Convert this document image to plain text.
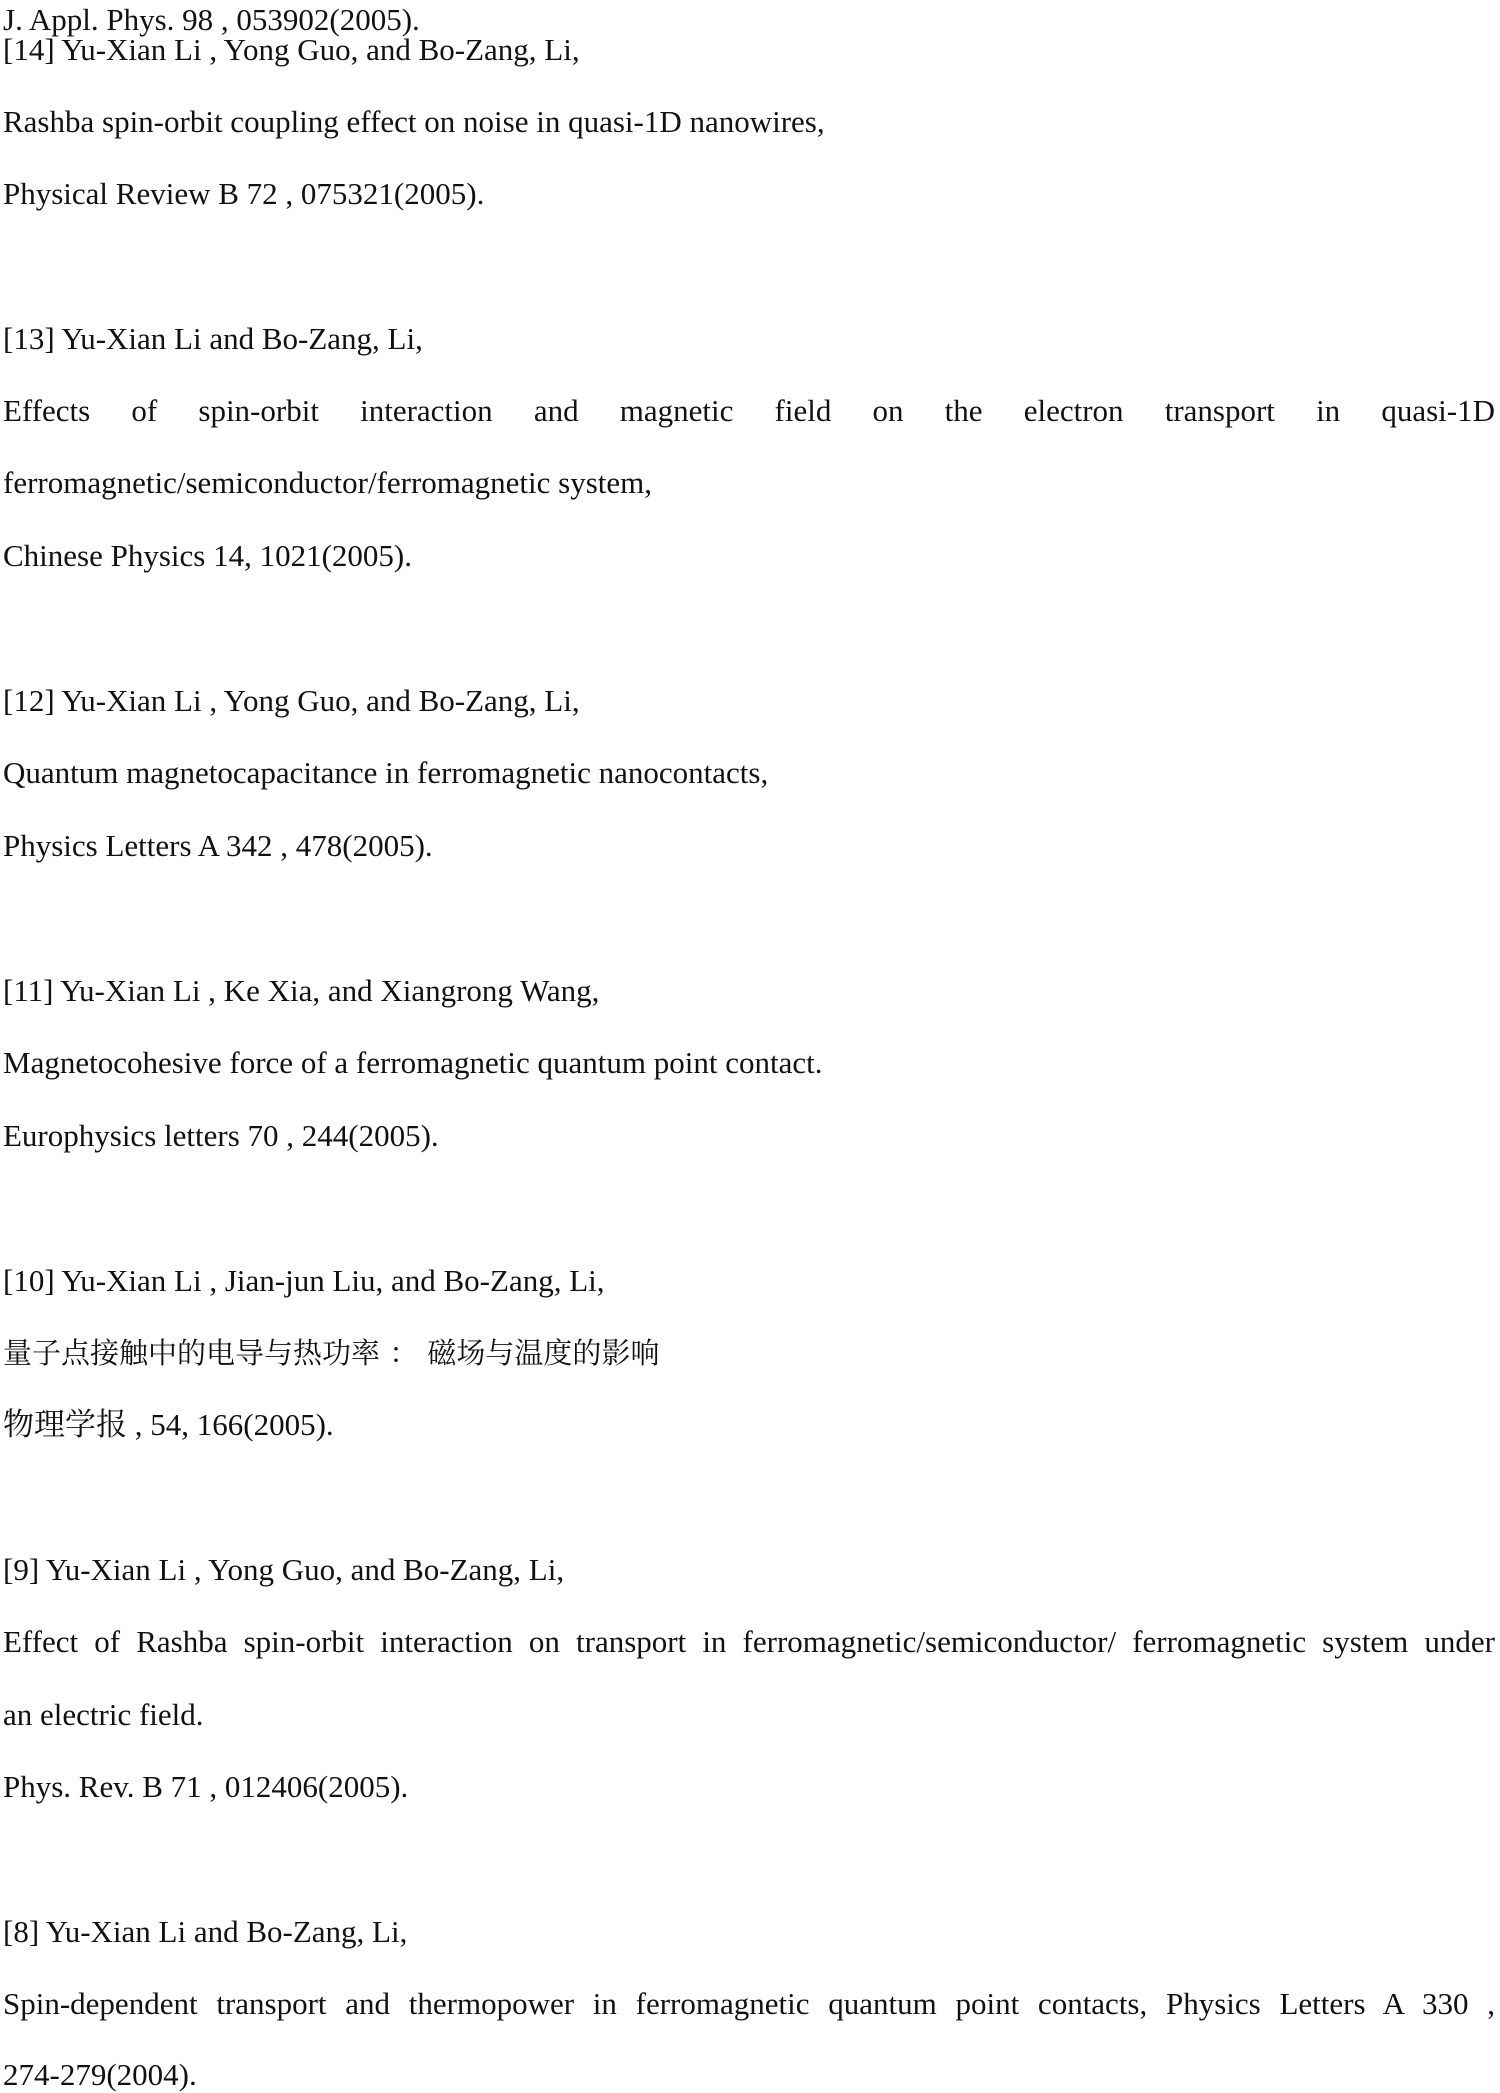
J. Appl. Phys. 98 , 053902(2005).

[14] Yu-Xian Li , Yong Guo, and Bo-Zang, Li,

Rashba spin-orbit coupling effect on noise in quasi-1D nanowires,

Physical Review B 72 , 075321(2005).

[13] Yu-Xian Li and Bo-Zang, Li,

Effects of spin-orbit interaction and magnetic field on the electron transport in quasi-1D

ferromagnetic/semiconductor/ferromagnetic system,

Chinese Physics 14, 1021(2005).

[12] Yu-Xian Li , Yong Guo, and Bo-Zang, Li,

Quantum magnetocapacitance in ferromagnetic nanocontacts,

Physics Letters A 342 , 478(2005).

[11] Yu-Xian Li , Ke Xia, and Xiangrong Wang,

Magnetocohesive force of a ferromagnetic quantum point contact.

Europhysics letters 70 , 244(2005).

[10] Yu-Xian Li , Jian-jun Liu, and Bo-Zang, Li,

量子点接触中的电导与热功率 ： 磁场与温度的影响

物理学报 , 54, 166(2005).

[9] Yu-Xian Li , Yong Guo, and Bo-Zang, Li,

Effect of Rashba spin-orbit interaction on transport in ferromagnetic/semiconductor/ ferromagnetic system under

an electric field.

Phys. Rev. B 71 , 012406(2005).

[8] Yu-Xian Li and Bo-Zang, Li,

Spin-dependent transport and thermopower in ferromagnetic quantum point contacts, Physics Letters A 330 ,

274-279(2004).
